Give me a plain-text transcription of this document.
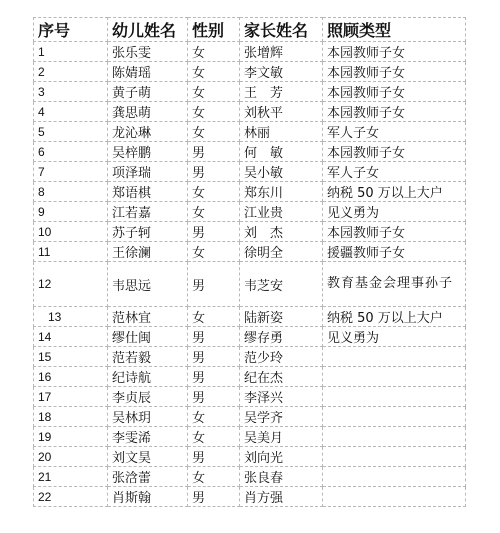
序号	幼儿姓名	性别	家长姓名	照顾类型
1	张乐雯	女	张增辉	本园教师子女
2	陈婧瑶	女	李文敏	本园教师子女
3	黄子萌	女	王　芳	本园教师子女
4	龚思萌	女	刘秋平	本园教师子女
5	龙沁琳	女	林丽	军人子女
6	吴梓鹏	男	何　敏	本园教师子女
7	项泽瑞	男	吴小敏	军人子女
8	郑语棋	女	郑东川	纳税 50 万以上大户
9	江若嘉	女	江业贵	见义勇为
10	苏子轲	男	刘　杰	本园教师子女
11	王徐澜	女	徐明全	援疆教师子女
12	韦思远	男	韦芝安	教育基金会理事孙子
13	范林宜	女	陆新姿	纳税 50 万以上大户
14	缪仕闽	男	缪存勇	见义勇为
15	范若毅	男	范少玲	
16	纪诗航	男	纪在杰	
17	李贞辰	男	李泽兴	
18	吴林玥	女	吴学齐	
19	李雯浠	女	吴美月	
20	刘文昊	男	刘向光	
21	张浛蕾	女	张良春	
22	肖斯翰	男	肖方强	
